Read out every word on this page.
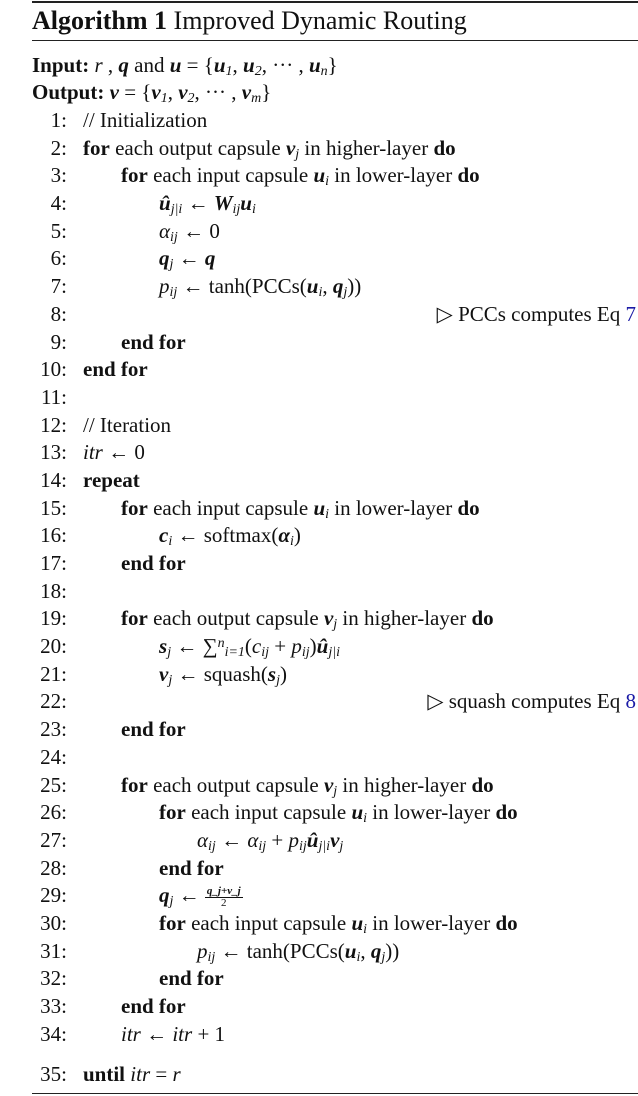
Algorithm 1 Improved Dynamic Routing
Input: r , q and u = {u1, u2, ··· , un}
Output: v = {v1, v2, ··· , vm}
1: // Initialization
2: for each output capsule vj in higher-layer do
3:	for each input capsule ui in lower-layer do
4:	ûj|i ← Wijui
5:	αij ← 0
6:	qj ← q
7:	pij ← tanh(PCCs(ui, qj))
8:	▷ PCCs computes Eq 7
9:	end for
10: end for
11:
12: // Iteration
13: itr ← 0
14: repeat
15:	for each input capsule ui in lower-layer do
16:	ci ← softmax(αi)
17:	end for
18:
19:	for each output capsule vj in higher-layer do
20:	sj ← ∑$^n$i=1(cij + pij)ûj|i
21:	vj ← squash(sj)
22:	▷ squash computes Eq 8
23:	end for
24:
25:	for each output capsule vj in higher-layer do
26:	for each input capsule ui in lower-layer do
27:	αij ← αij + pijûj|ivj
28:	end for
29:	qj ← $\frac{q\_j+v\_j}{2}$
30:	for each input capsule ui in lower-layer do
31:	pij ← tanh(PCCs(ui, qj))
32:	end for
33:	end for
34:	itr ← itr + 1
35: until itr = r
